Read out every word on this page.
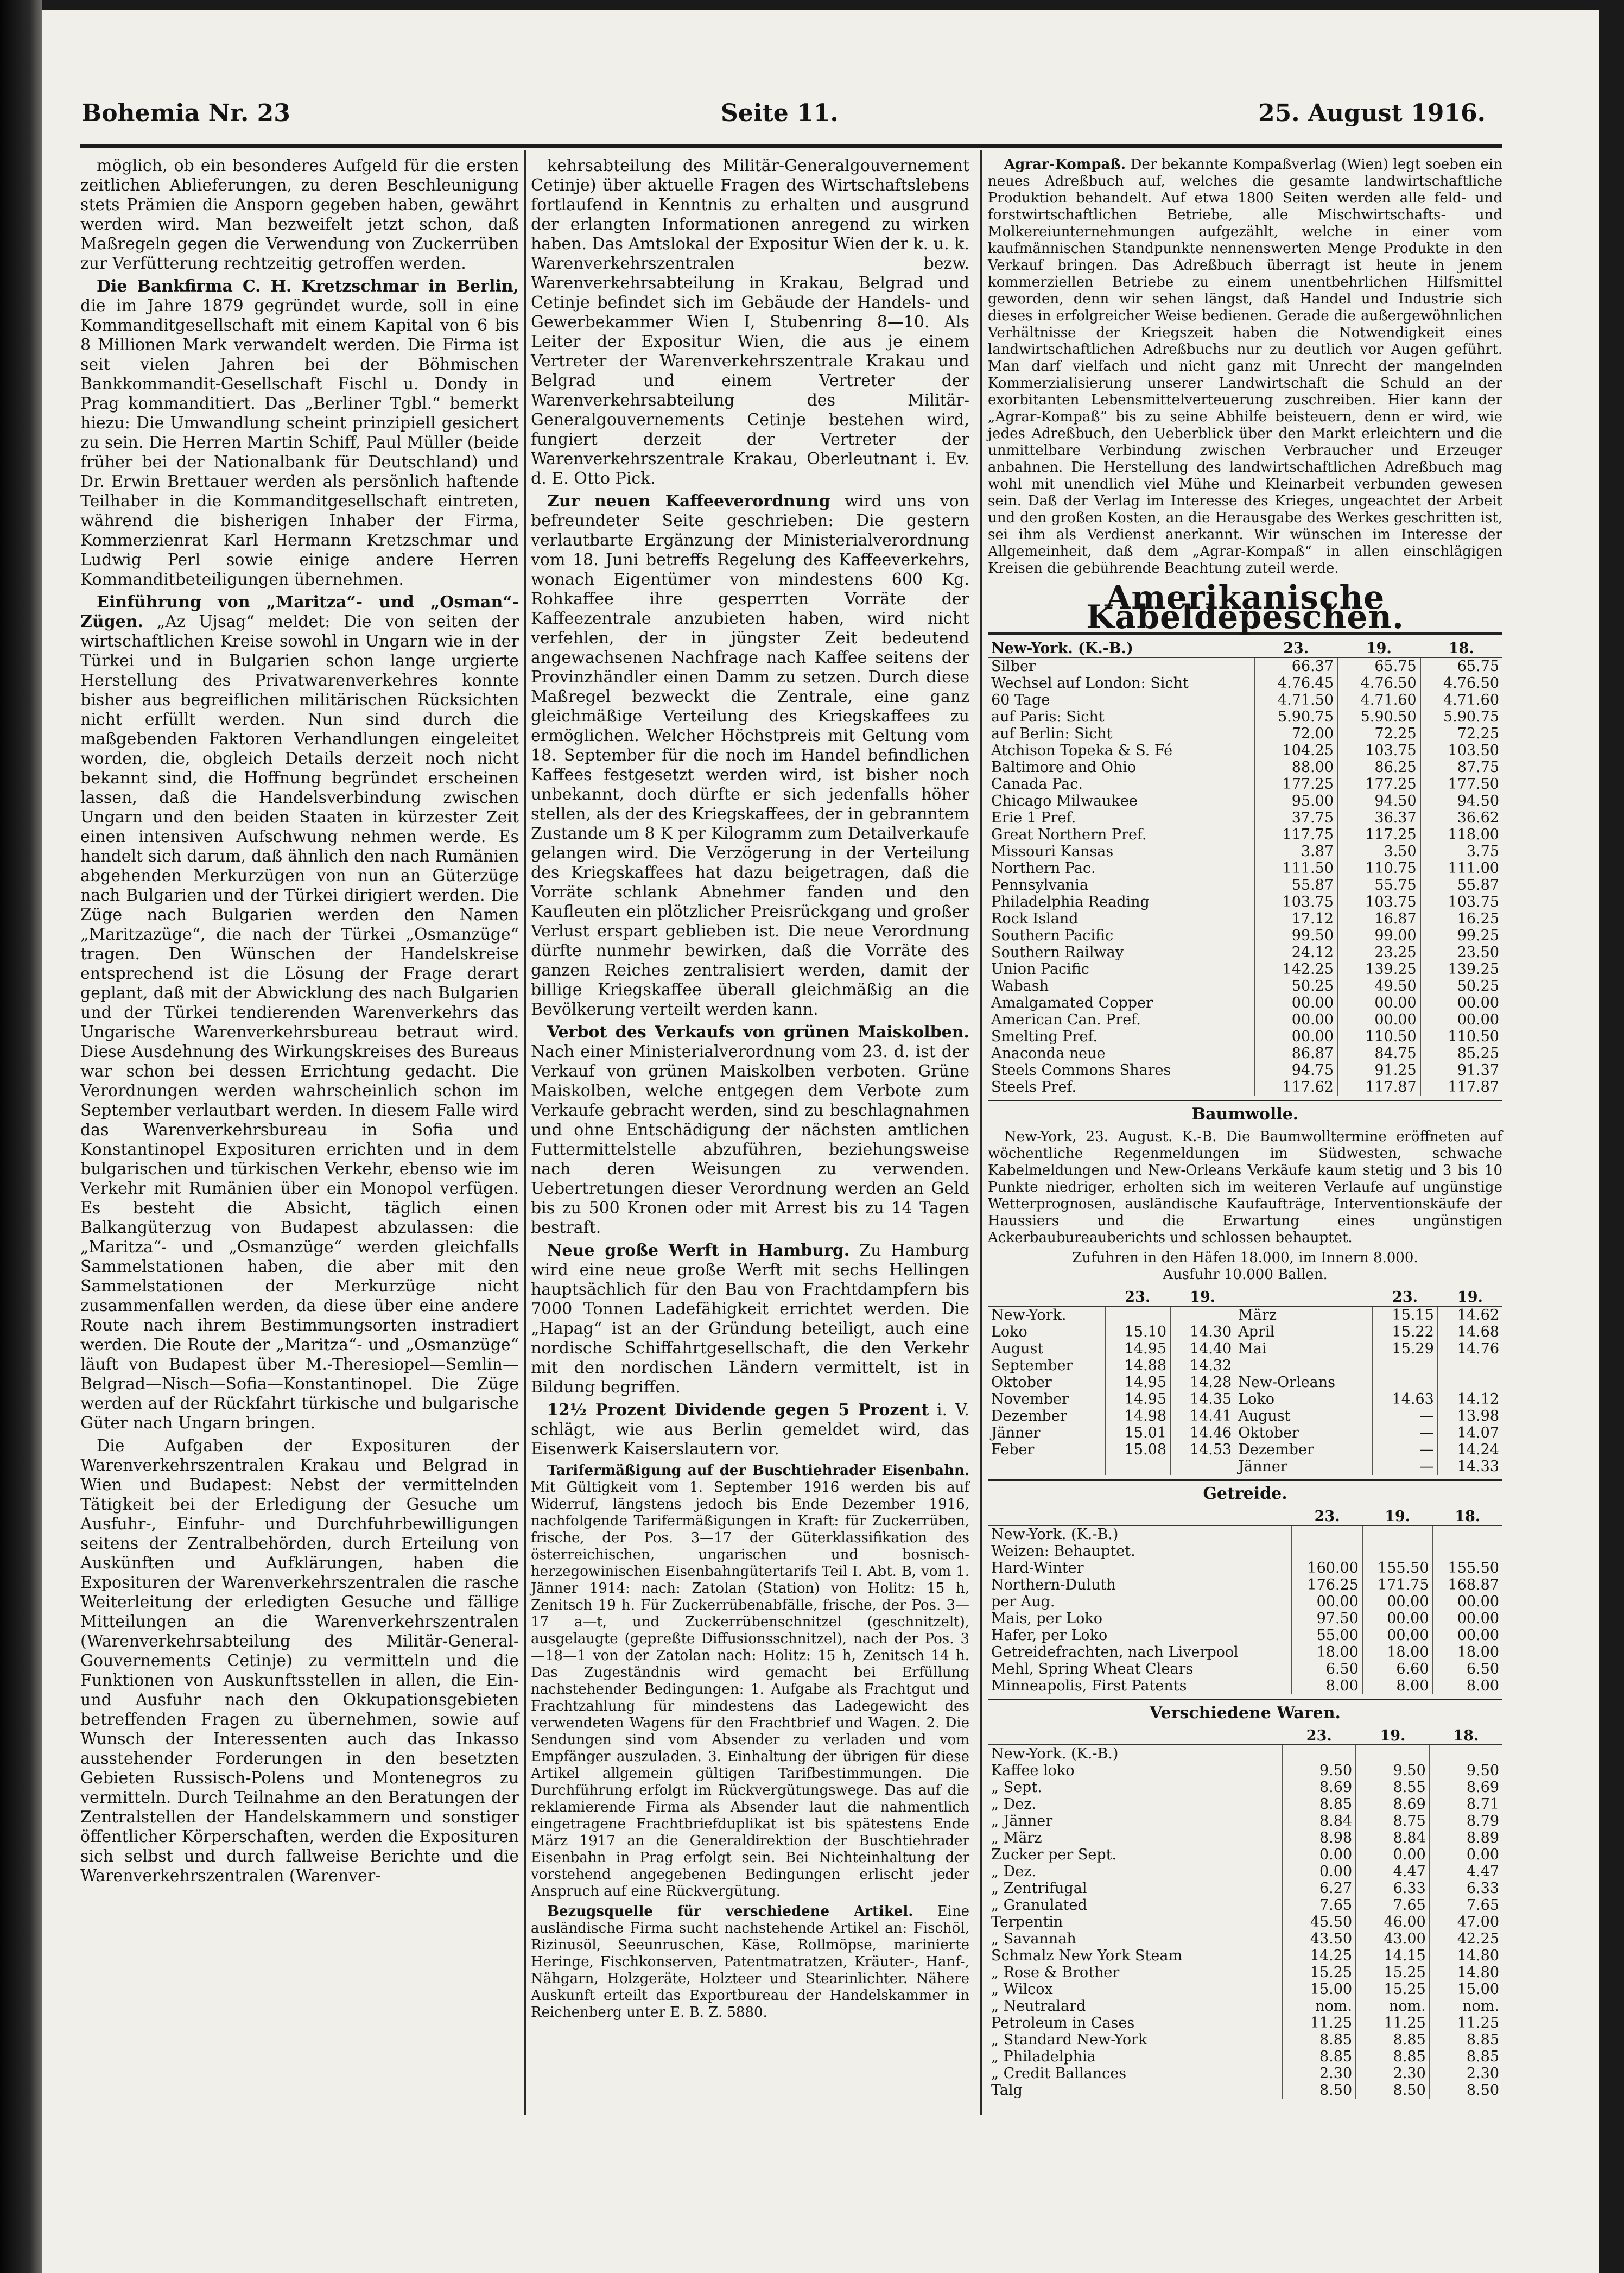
Bohemia Nr. 23	Seite 11.	25. August 1916.

möglich, ob ein besonderes Aufgeld für die ersten zeitlichen Ablieferungen, zu deren Beschleunigung stets Prämien die Ansporn gegeben haben, gewährt werden wird. Man bezweifelt jetzt schon, daß Maßregeln gegen die Verwendung von Zuckerrüben zur Verfütterung rechtzeitig getroffen werden.

Die Bankfirma C. H. Kretzschmar in Berlin, die im Jahre 1879 gegründet wurde, soll in eine Kommanditgesellschaft mit einem Kapital von 6 bis 8 Millionen Mark verwandelt werden. Die Firma ist seit vielen Jahren bei der Böhmischen Bankkommandit-Gesellschaft Fischl u. Dondy in Prag kommanditiert. Das „Berliner Tgbl.“ bemerkt hiezu: Die Umwandlung scheint prinzipiell gesichert zu sein. Die Herren Martin Schiff, Paul Müller (beide früher bei der Nationalbank für Deutschland) und Dr. Erwin Brettauer werden als persönlich haftende Teilhaber in die Kommanditgesellschaft eintreten, während die bisherigen Inhaber der Firma, Kommerzienrat Karl Hermann Kretzschmar und Ludwig Perl sowie einige andere Herren Kommanditbeteiligungen übernehmen.

Einführung von „Maritza“- und „Osman“-Zügen. „Az Ujsag“ meldet: Die von seiten der wirtschaftlichen Kreise sowohl in Ungarn wie in der Türkei und in Bulgarien schon lange urgierte Herstellung des Privatwarenverkehres konnte bisher aus begreiflichen militärischen Rücksichten nicht erfüllt werden. Nun sind durch die maßgebenden Faktoren Verhandlungen eingeleitet worden, die, obgleich Details derzeit noch nicht bekannt sind, die Hoffnung begründet erscheinen lassen, daß die Handelsverbindung zwischen Ungarn und den beiden Staaten in kürzester Zeit einen intensiven Aufschwung nehmen werde. Es handelt sich darum, daß ähnlich den nach Rumänien abgehenden Merkurzügen von nun an Güterzüge nach Bulgarien und der Türkei dirigiert werden. Die Züge nach Bulgarien werden den Namen „Maritzazüge“, die nach der Türkei „Osmanzüge“ tragen. Den Wünschen der Handelskreise entsprechend ist die Lösung der Frage derart geplant, daß mit der Abwicklung des nach Bulgarien und der Türkei tendierenden Warenverkehrs das Ungarische Warenverkehrsbureau betraut wird. Diese Ausdehnung des Wirkungskreises des Bureaus war schon bei dessen Errichtung gedacht. Die Verordnungen werden wahrscheinlich schon im September verlautbart werden. In diesem Falle wird das Warenverkehrsbureau in Sofia und Konstantinopel Exposituren errichten und in dem bulgarischen und türkischen Verkehr, ebenso wie im Verkehr mit Rumänien über ein Monopol verfügen. Es besteht die Absicht, täglich einen Balkangüterzug von Budapest abzulassen: die „Maritza“- und „Osmanzüge“ werden gleichfalls Sammelstationen haben, die aber mit den Sammelstationen der Merkurzüge nicht zusammenfallen werden, da diese über eine andere Route nach ihrem Bestimmungsorten instradiert werden. Die Route der „Maritza“- und „Osmanzüge“ läuft von Budapest über M.-Theresiopel—Semlin—Belgrad—Nisch—Sofia—Konstantinopel. Die Züge werden auf der Rückfahrt türkische und bulgarische Güter nach Ungarn bringen.

Die Aufgaben der Exposituren der Warenverkehrszentralen Krakau und Belgrad in Wien und Budapest: Nebst der vermittelnden Tätigkeit bei der Erledigung der Gesuche um Ausfuhr-, Einfuhr- und Durchfuhrbewilligungen seitens der Zentralbehörden, durch Erteilung von Auskünften und Aufklärungen, haben die Exposituren der Warenverkehrszentralen die rasche Weiterleitung der erledigten Gesuche und fällige Mitteilungen an die Warenverkehrszentralen (Warenverkehrsabteilung des Militär-General-Gouvernements Cetinje) zu vermitteln und die Funktionen von Auskunftsstellen in allen, die Ein- und Ausfuhr nach den Okkupationsgebieten betreffenden Fragen zu übernehmen, sowie auf Wunsch der Interessenten auch das Inkasso ausstehender Forderungen in den besetzten Gebieten Russisch-Polens und Montenegros zu vermitteln. Durch Teilnahme an den Beratungen der Zentralstellen der Handelskammern und sonstiger öffentlicher Körperschaften, werden die Exposituren sich selbst und durch fallweise Berichte und die Warenverkehrszentralen (Warenver-

kehrsabteilung des Militär-Generalgouvernement Cetinje) über aktuelle Fragen des Wirtschaftslebens fortlaufend in Kenntnis zu erhalten und ausgrund der erlangten Informationen anregend zu wirken haben. Das Amtslokal der Expositur Wien der k. u. k. Warenverkehrszentralen bezw. Warenverkehrsabteilung in Krakau, Belgrad und Cetinje befindet sich im Gebäude der Handels- und Gewerbekammer Wien I, Stubenring 8—10. Als Leiter der Expositur Wien, die aus je einem Vertreter der Warenverkehrszentrale Krakau und Belgrad und einem Vertreter der Warenverkehrsabteilung des Militär-Generalgouvernements Cetinje bestehen wird, fungiert derzeit der Vertreter der Warenverkehrszentrale Krakau, Oberleutnant i. Ev. d. E. Otto Pick.

Zur neuen Kaffeeverordnung wird uns von befreundeter Seite geschrieben: Die gestern verlautbarte Ergänzung der Ministerialverordnung vom 18. Juni betreffs Regelung des Kaffeeverkehrs, wonach Eigentümer von mindestens 600 Kg. Rohkaffee ihre gesperrten Vorräte der Kaffeezentrale anzubieten haben, wird nicht verfehlen, der in jüngster Zeit bedeutend angewachsenen Nachfrage nach Kaffee seitens der Provinzhändler einen Damm zu setzen. Durch diese Maßregel bezweckt die Zentrale, eine ganz gleichmäßige Verteilung des Kriegskaffees zu ermöglichen. Welcher Höchstpreis mit Geltung vom 18. September für die noch im Handel befindlichen Kaffees festgesetzt werden wird, ist bisher noch unbekannt, doch dürfte er sich jedenfalls höher stellen, als der des Kriegskaffees, der in gebranntem Zustande um 8 K per Kilogramm zum Detailverkaufe gelangen wird. Die Verzögerung in der Verteilung des Kriegskaffees hat dazu beigetragen, daß die Vorräte schlank Abnehmer fanden und den Kaufleuten ein plötzlicher Preisrückgang und großer Verlust erspart geblieben ist. Die neue Verordnung dürfte nunmehr bewirken, daß die Vorräte des ganzen Reiches zentralisiert werden, damit der billige Kriegskaffee überall gleichmäßig an die Bevölkerung verteilt werden kann.

Verbot des Verkaufs von grünen Maiskolben. Nach einer Ministerialverordnung vom 23. d. ist der Verkauf von grünen Maiskolben verboten. Grüne Maiskolben, welche entgegen dem Verbote zum Verkaufe gebracht werden, sind zu beschlagnahmen und ohne Entschädigung der nächsten amtlichen Futtermittelstelle abzuführen, beziehungsweise nach deren Weisungen zu verwenden. Uebertretungen dieser Verordnung werden an Geld bis zu 500 Kronen oder mit Arrest bis zu 14 Tagen bestraft.

Neue große Werft in Hamburg. Zu Hamburg wird eine neue große Werft mit sechs Hellingen hauptsächlich für den Bau von Frachtdampfern bis 7000 Tonnen Ladefähigkeit errichtet werden. Die „Hapag“ ist an der Gründung beteiligt, auch eine nordische Schiffahrtgesellschaft, die den Verkehr mit den nordischen Ländern vermittelt, ist in Bildung begriffen.

12½ Prozent Dividende gegen 5 Prozent i. V. schlägt, wie aus Berlin gemeldet wird, das Eisenwerk Kaiserslautern vor.

Tarifermäßigung auf der Buschtiehrader Eisenbahn. Mit Gültigkeit vom 1. September 1916 werden bis auf Widerruf, längstens jedoch bis Ende Dezember 1916, nachfolgende Tarifermäßigungen in Kraft: für Zuckerrüben, frische, der Pos. 3—17 der Güterklassifikation des österreichischen, ungarischen und bosnisch-herzegowinischen Eisenbahngütertarifs Teil I. Abt. B, vom 1. Jänner 1914: nach: Zatolan (Station) von Holitz: 15 h, Zenitsch 19 h. Für Zuckerrübenabfälle, frische, der Pos. 3—17 a—t, und Zuckerrübenschnitzel (geschnitzelt), ausgelaugte (gepreßte Diffusionsschnitzel), nach der Pos. 3—18—1 von der Zatolan nach: Holitz: 15 h, Zenitsch 14 h. Das Zugeständnis wird gemacht bei Erfüllung nachstehender Bedingungen: 1. Aufgabe als Frachtgut und Frachtzahlung für mindestens das Ladegewicht des verwendeten Wagens für den Frachtbrief und Wagen. 2. Die Sendungen sind vom Absender zu verladen und vom Empfänger auszuladen. 3. Einhaltung der übrigen für diese Artikel allgemein gültigen Tarifbestimmungen. Die Durchführung erfolgt im Rückvergütungswege. Das auf die reklamierende Firma als Absender laut die nahmentlich eingetragene Frachtbriefduplikat ist bis spätestens Ende März 1917 an die Generaldirektion der Buschtiehrader Eisenbahn in Prag erfolgt sein. Bei Nichteinhaltung der vorstehend angegebenen Bedingungen erlischt jeder Anspruch auf eine Rückvergütung.

Bezugsquelle für verschiedene Artikel. Eine ausländische Firma sucht nachstehende Artikel an: Fischöl, Rizinusöl, Seeunruschen, Käse, Rollmöpse, marinierte Heringe, Fischkonserven, Patentmatratzen, Kräuter-, Hanf-, Nähgarn, Holzgeräte, Holzteer und Stearinlichter. Nähere Auskunft erteilt das Exportbureau der Handelskammer in Reichenberg unter E. B. Z. 5880.

Agrar-Kompaß. Der bekannte Kompaßverlag (Wien) legt soeben ein neues Adreßbuch auf, welches die gesamte landwirtschaftliche Produktion behandelt. Auf etwa 1800 Seiten werden alle feld- und forstwirtschaftlichen Betriebe, alle Mischwirtschafts- und Molkereiunternehmungen aufgezählt, welche in einer vom kaufmännischen Standpunkte nennenswerten Menge Produkte in den Verkauf bringen. Das Adreßbuch überragt ist heute in jenem kommerziellen Betriebe zu einem unentbehrlichen Hilfsmittel geworden, denn wir sehen längst, daß Handel und Industrie sich dieses in erfolgreicher Weise bedienen. Gerade die außergewöhnlichen Verhältnisse der Kriegszeit haben die Notwendigkeit eines landwirtschaftlichen Adreßbuchs nur zu deutlich vor Augen geführt. Man darf vielfach und nicht ganz mit Unrecht der mangelnden Kommerzialisierung unserer Landwirtschaft die Schuld an der exorbitanten Lebensmittelverteuerung zuschreiben. Hier kann der „Agrar-Kompaß“ bis zu seine Abhilfe beisteuern, denn er wird, wie jedes Adreßbuch, den Ueberblick über den Markt erleichtern und die unmittelbare Verbindung zwischen Verbraucher und Erzeuger anbahnen. Die Herstellung des landwirtschaftlichen Adreßbuch mag wohl mit unendlich viel Mühe und Kleinarbeit verbunden gewesen sein. Daß der Verlag im Interesse des Krieges, ungeachtet der Arbeit und den großen Kosten, an die Herausgabe des Werkes geschritten ist, sei ihm als Verdienst anerkannt. Wir wünschen im Interesse der Allgemeinheit, daß dem „Agrar-Kompaß“ in allen einschlägigen Kreisen die gebührende Beachtung zuteil werde.

Amerikanische Kabeldepeschen.
New-York. (K.-B.)	23.	19.	18.
Silber	66.37	65.75	65.75
Wechsel auf London: Sicht	4.76.45	4.76.50	4.76.50
60 Tage	4.71.50	4.71.60	4.71.60
auf Paris: Sicht	5.90.75	5.90.50	5.90.75
auf Berlin: Sicht	72.00	72.25	72.25
Atchison Topeka & S. Fé	104.25	103.75	103.50
Baltimore and Ohio	88.00	86.25	87.75
Canada Pac.	177.25	177.25	177.50
Chicago Milwaukee	95.00	94.50	94.50
Erie 1 Pref.	37.75	36.37	36.62
Great Northern Pref.	117.75	117.25	118.00
Missouri Kansas	3.87	3.50	3.75
Northern Pac.	111.50	110.75	111.00
Pennsylvania	55.87	55.75	55.87
Philadelphia Reading	103.75	103.75	103.75
Rock Island	17.12	16.87	16.25
Southern Pacific	99.50	99.00	99.25
Southern Railway	24.12	23.25	23.50
Union Pacific	142.25	139.25	139.25
Wabash	50.25	49.50	50.25
Amalgamated Copper	00.00	00.00	00.00
American Can. Pref.	00.00	00.00	00.00
Smelting Pref.	00.00	110.50	110.50
Anaconda neue	86.87	84.75	85.25
Steels Commons Shares	94.75	91.25	91.37
Steels Pref.	117.62	117.87	117.87
Baumwolle.

New-York, 23. August. K.-B. Die Baumwolltermine eröffneten auf wöchentliche Regenmeldungen im Südwesten, schwache Kabelmeldungen und New-Orleans Verkäufe kaum stetig und 3 bis 10 Punkte niedriger, erholten sich im weiteren Verlaufe auf ungünstige Wetterprognosen, ausländische Kaufaufträge, Interventionskäufe der Haussiers und die Erwartung eines ungünstigen Ackerbaubureauberichts und schlossen behauptet.

Zufuhren in den Häfen 18.000, im Innern 8.000.
Ausfuhr 10.000 Ballen.
	23.	19.		23.	19.
New-York.			März	15.15	14.62
Loko	15.10	14.30	April	15.22	14.68
August	14.95	14.40	Mai	15.29	14.76
September	14.88	14.32			
Oktober	14.95	14.28	New-Orleans		
November	14.95	14.35	Loko	14.63	14.12
Dezember	14.98	14.41	August	—	13.98
Jänner	15.01	14.46	Oktober	—	14.07
Feber	15.08	14.53	Dezember	—	14.24
			Jänner	—	14.33
Getreide.
	23.	19.	18.
New-York. (K.-B.)			
Weizen: Behauptet.			
Hard-Winter	160.00	155.50	155.50
Northern-Duluth	176.25	171.75	168.87
per Aug.	00.00	00.00	00.00
Mais, per Loko	97.50	00.00	00.00
Hafer, per Loko	55.00	00.00	00.00
Getreidefrachten, nach Liverpool	18.00	18.00	18.00
Mehl, Spring Wheat Clears	6.50	6.60	6.50
Minneapolis, First Patents	8.00	8.00	8.00
Verschiedene Waren.
	23.	19.	18.
New-York. (K.-B.)			
Kaffee loko	9.50	9.50	9.50
„ Sept.	8.69	8.55	8.69
„ Dez.	8.85	8.69	8.71
„ Jänner	8.84	8.75	8.79
„ März	8.98	8.84	8.89
Zucker per Sept.	0.00	0.00	0.00
„ Dez.	0.00	4.47	4.47
„ Zentrifugal	6.27	6.33	6.33
„ Granulated	7.65	7.65	7.65
Terpentin	45.50	46.00	47.00
„ Savannah	43.50	43.00	42.25
Schmalz New York Steam	14.25	14.15	14.80
„ Rose & Brother	15.25	15.25	14.80
„ Wilcox	15.00	15.25	15.00
„ Neutralard	nom.	nom.	nom.
Petroleum in Cases	11.25	11.25	11.25
„ Standard New-York	8.85	8.85	8.85
„ Philadelphia	8.85	8.85	8.85
„ Credit Ballances	2.30	2.30	2.30
Talg	8.50	8.50	8.50
